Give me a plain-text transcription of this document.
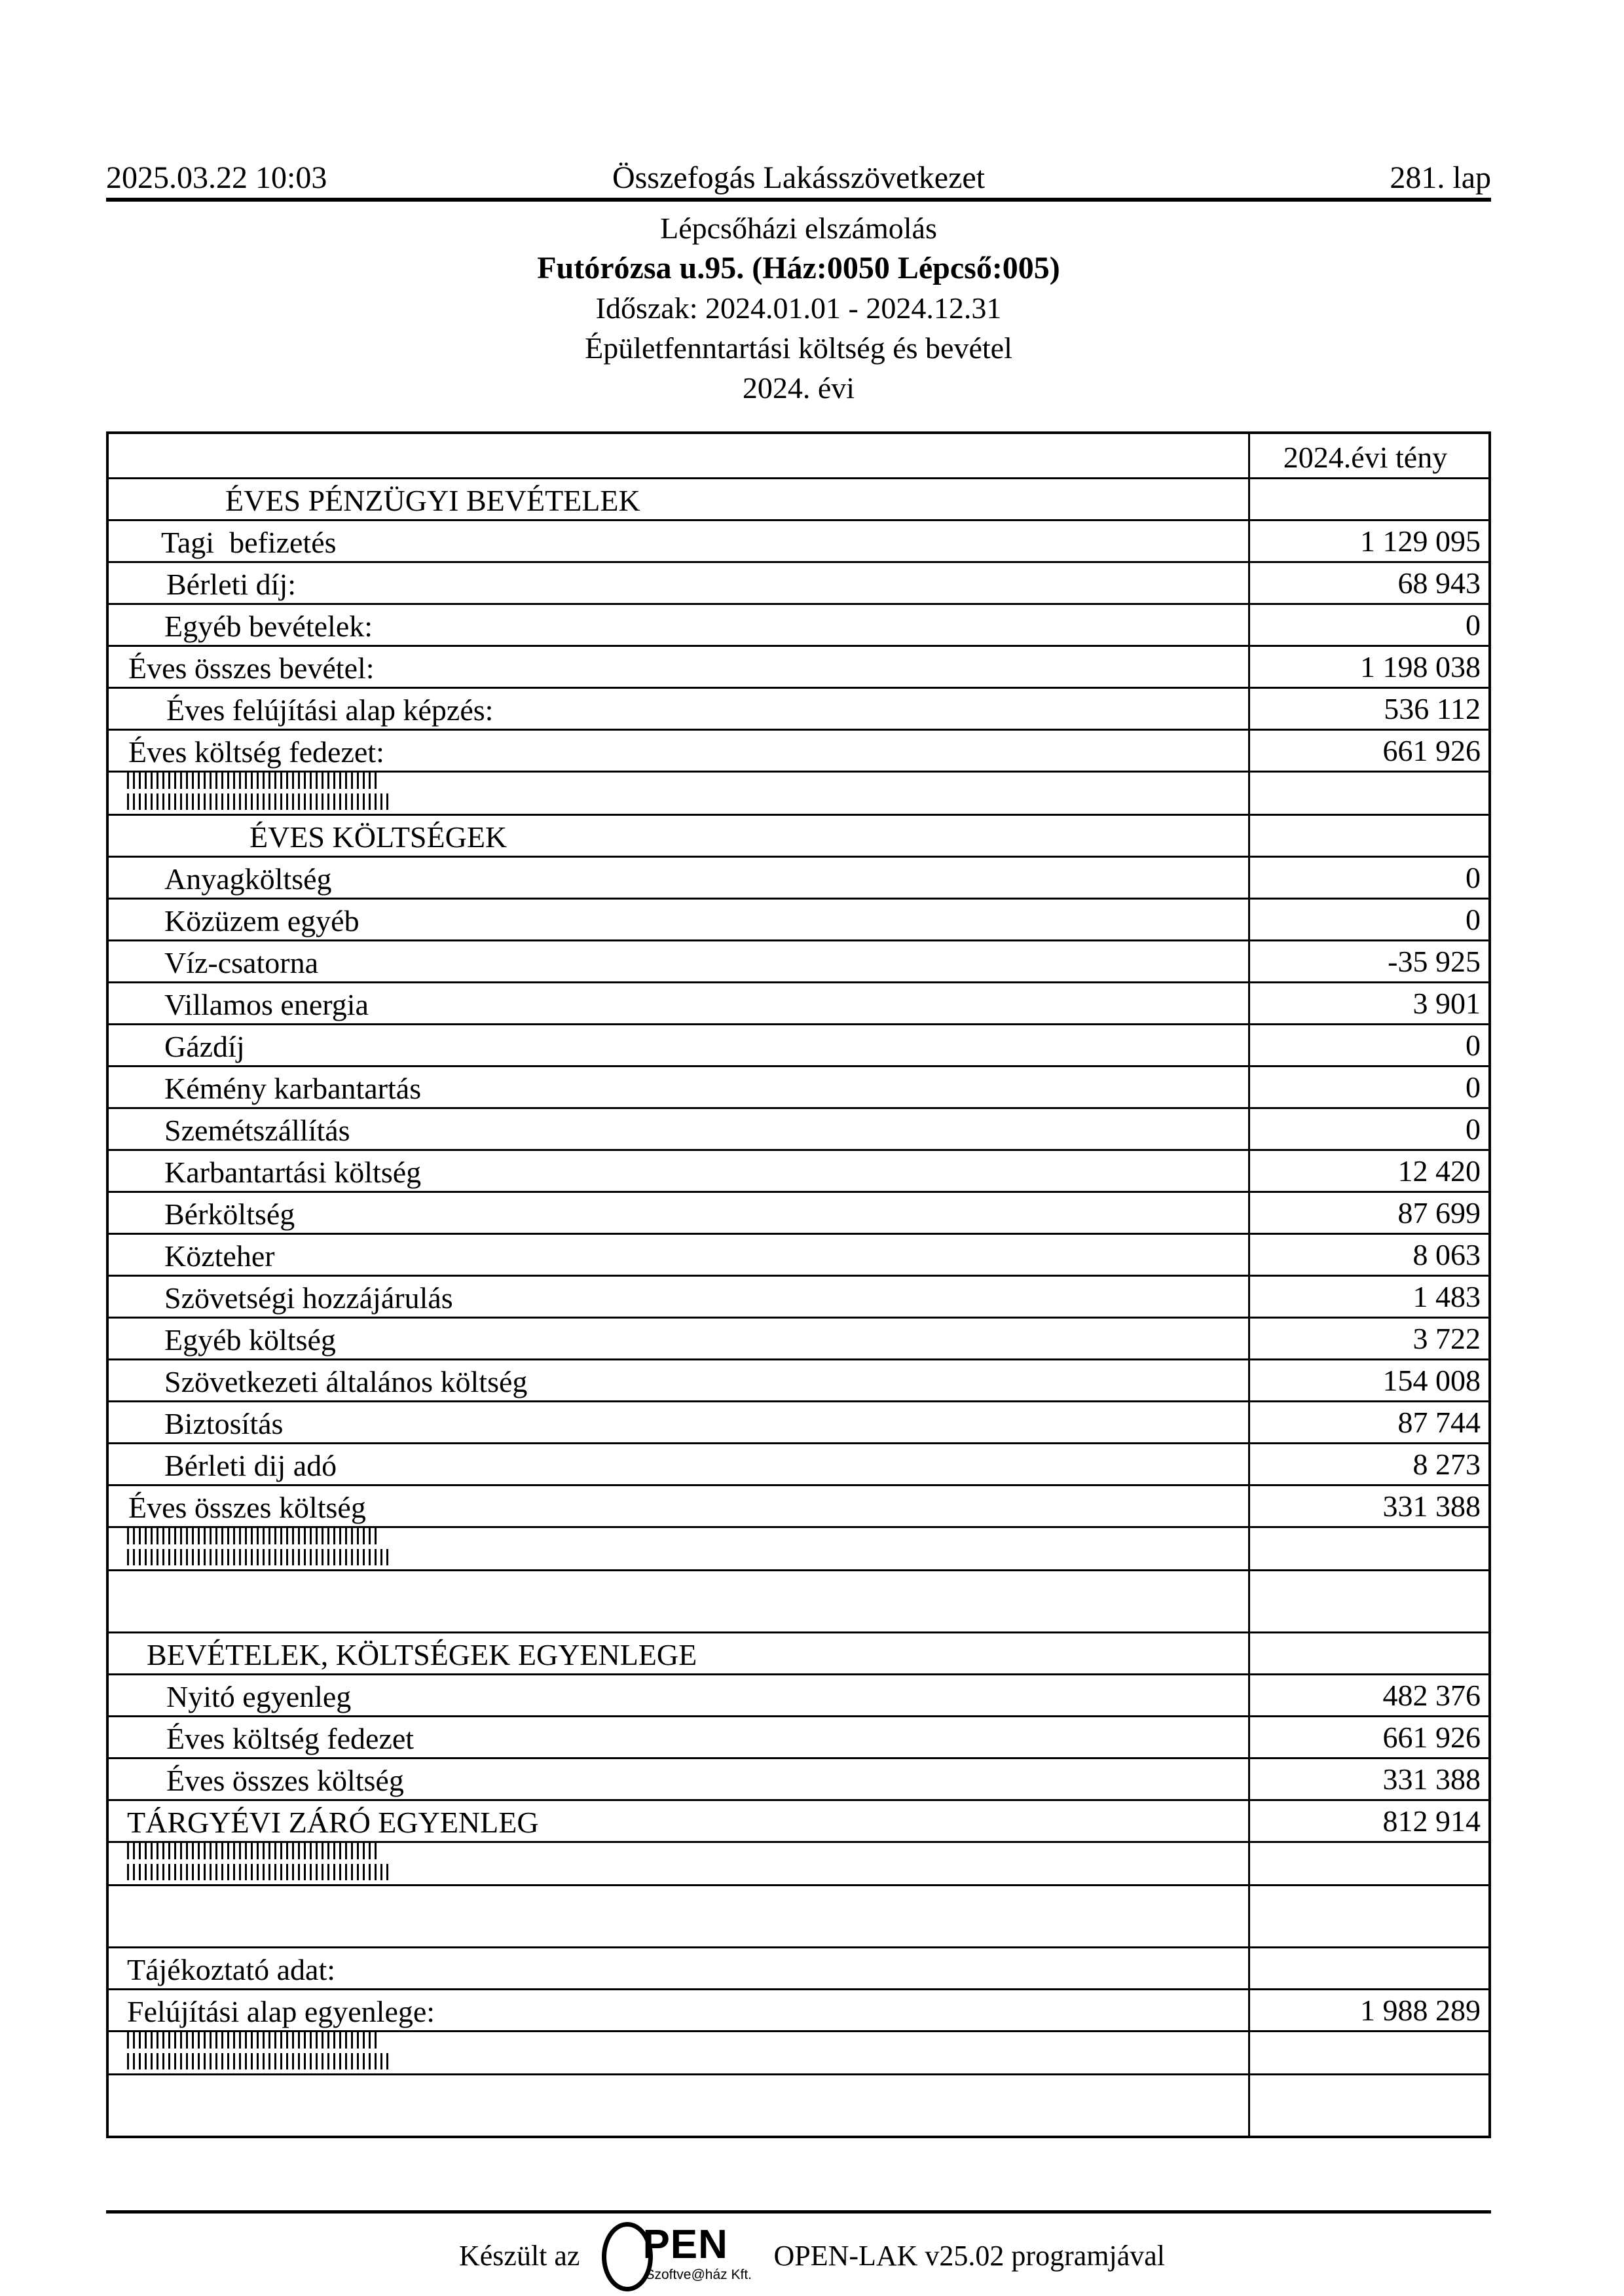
2025.03.22 10:03	Összefogás Lakásszövetkezet	281. lap
Lépcsőházi elszámolás
Futórózsa u.95. (Ház:0050 Lépcső:005)
Időszak: 2024.01.01 - 2024.12.31
Épületfenntartási költség és bevétel
2024. évi
2024.évi tény
ÉVES PÉNZÜGYI BEVÉTELEK
Tagi  befizetés	1 129 095
Bérleti díj:	68 943
Egyéb bevételek:	0
Éves összes bevétel:	1 198 038
Éves felújítási alap képzés:	536 112
Éves költség fedezet:	661 926
ÉVES KÖLTSÉGEK
Anyagköltség	0
Közüzem egyéb	0
Víz-csatorna	-35 925
Villamos energia	3 901
Gázdíj	0
Kémény karbantartás	0
Szemétszállítás	0
Karbantartási költség	12 420
Bérköltség	87 699
Közteher	8 063
Szövetségi hozzájárulás	1 483
Egyéb költség	3 722
Szövetkezeti általános költség	154 008
Biztosítás	87 744
Bérleti dij adó	8 273
Éves összes költség	331 388
BEVÉTELEK, KÖLTSÉGEK EGYENLEGE
Nyitó egyenleg	482 376
Éves költség fedezet	661 926
Éves összes költség	331 388
TÁRGYÉVI ZÁRÓ EGYENLEG	812 914
Tájékoztató adat:
Felújítási alap egyenlege:	1 988 289
Készült az PEN
Szoftve@ház Kft.
OPEN-LAK v25.02 programjával
